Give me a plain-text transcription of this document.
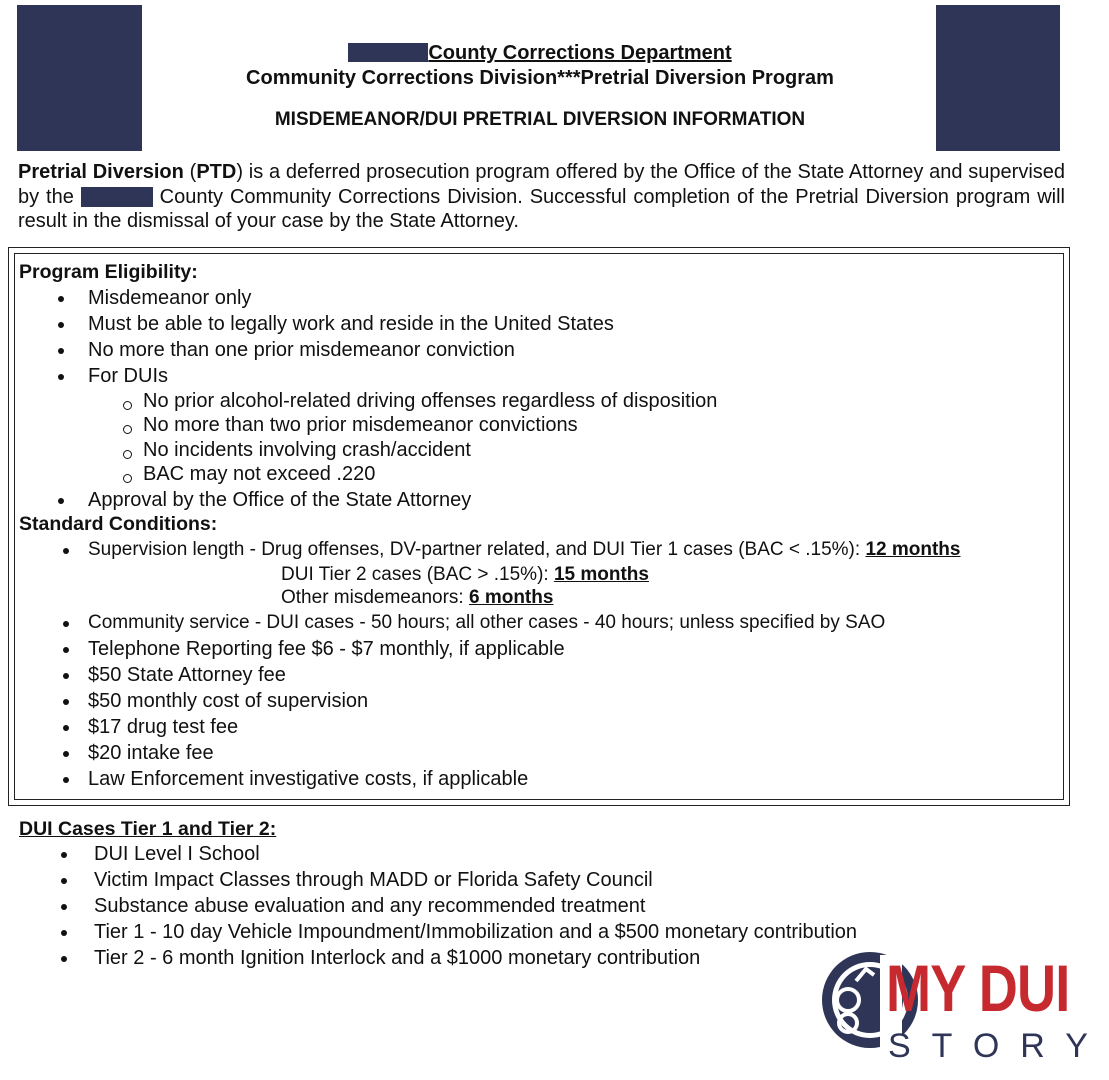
County Corrections Department
Community Corrections Division***Pretrial Diversion Program
MISDEMEANOR/DUI PRETRIAL DIVERSION INFORMATION
Pretrial Diversion (PTD) is a deferred prosecution program offered by the Office of the State Attorney and supervised by the	County Community Corrections Division. Successful completion of the Pretrial Diversion program will result in the dismissal of your case by the State Attorney.
Program Eligibility:
Misdemeanor only
Must be able to legally work and reside in the United States
No more than one prior misdemeanor conviction
For DUIs
No prior alcohol-related driving offenses regardless of disposition
No more than two prior misdemeanor convictions
No incidents involving crash/accident
BAC may not exceed .220
Approval by the Office of the State Attorney
Standard Conditions:
Supervision length - Drug offenses, DV-partner related, and DUI Tier 1 cases (BAC < .15%): 12 months
DUI Tier 2 cases (BAC > .15%): 15 months
Other misdemeanors: 6 months
Community service - DUI cases - 50 hours; all other cases - 40 hours; unless specified by SAO
Telephone Reporting fee $6 - $7 monthly, if applicable
$50 State Attorney fee
$50 monthly cost of supervision
$17 drug test fee
$20 intake fee
Law Enforcement investigative costs, if applicable
DUI Cases Tier 1 and Tier 2:
DUI Level I School
Victim Impact Classes through MADD or Florida Safety Council
Substance abuse evaluation and any recommended treatment
Tier 1 - 10 day Vehicle Impoundment/Immobilization and a $500 monetary contribution
Tier 2 - 6 month Ignition Interlock and a $1000 monetary contribution	MY DUI
STORY
